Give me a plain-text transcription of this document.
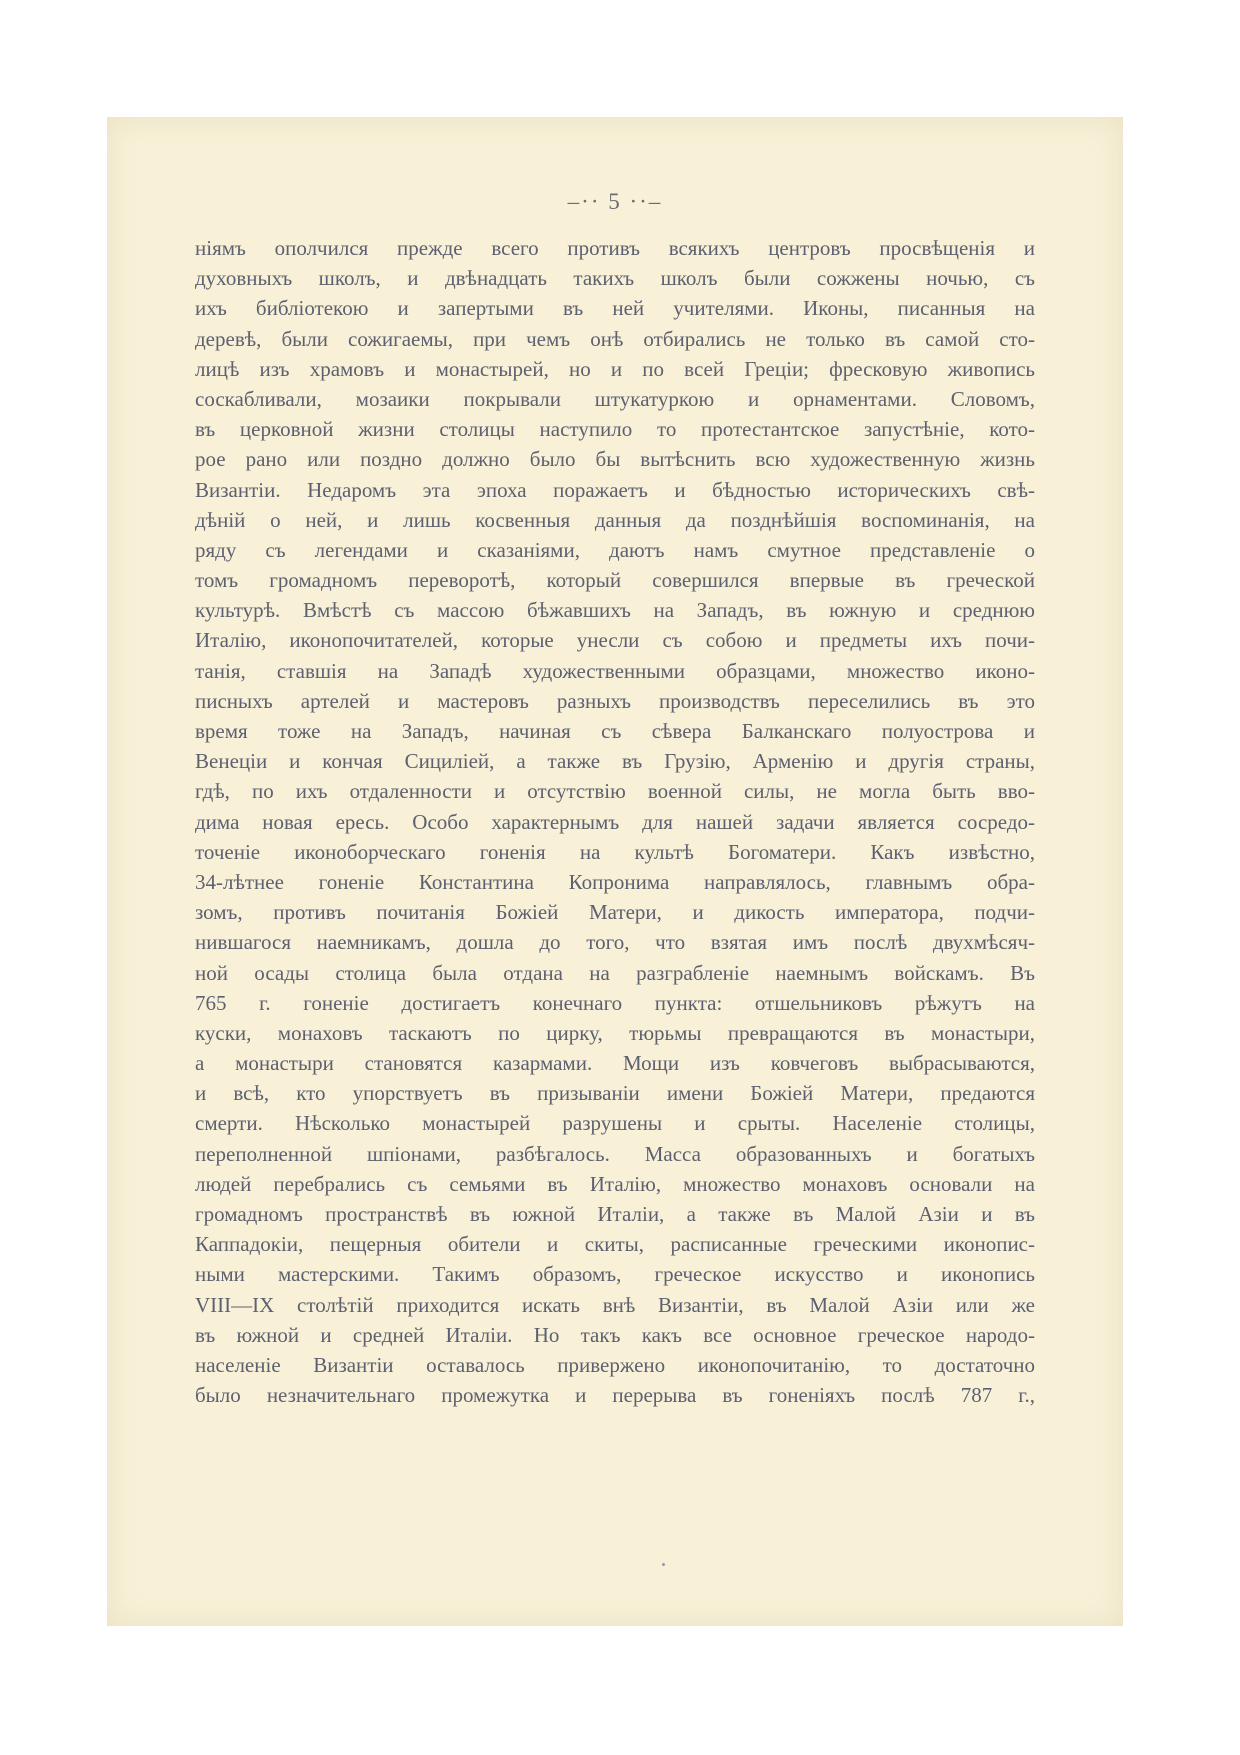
–·· 5 ··–
ніямъ ополчился прежде всего противъ всякихъ центровъ просвѣщенія и
духовныхъ школъ, и двѣнадцать такихъ школъ были сожжены ночью, съ
ихъ библіотекою и запертыми въ ней учителями. Иконы, писанныя на
деревѣ, были сожигаемы, при чемъ онѣ отбирались не только въ самой сто-
лицѣ изъ храмовъ и монастырей, но и по всей Греціи; фресковую живопись
соскабливали, мозаики покрывали штукатуркою и орнаментами. Словомъ,
въ церковной жизни столицы наступило то протестантское запустѣніе, кото-
рое рано или поздно должно было бы вытѣснить всю художественную жизнь
Византіи. Недаромъ эта эпоха поражаетъ и бѣдностью историческихъ свѣ-
дѣній о ней, и лишь косвенныя данныя да позднѣйшія воспоминанія, на
ряду съ легендами и сказаніями, даютъ намъ смутное представленіе о
томъ громадномъ переворотѣ, который совершился впервые въ греческой
культурѣ. Вмѣстѣ съ массою бѣжавшихъ на Западъ, въ южную и среднюю
Италію, иконопочитателей, которые унесли съ собою и предметы ихъ почи-
танія, ставшія на Западѣ художественными образцами, множество иконо-
писныхъ артелей и мастеровъ разныхъ производствъ переселились въ это
время тоже на Западъ, начиная съ сѣвера Балканскаго полуострова и
Венеціи и кончая Сициліей, а также въ Грузію, Арменію и другія страны,
гдѣ, по ихъ отдаленности и отсутствію военной силы, не могла быть вво-
дима новая ересь. Особо характернымъ для нашей задачи является сосредо-
точеніе иконоборческаго гоненія на культѣ Богоматери. Какъ извѣстно,
34-лѣтнее гоненіе Константина Копронима направлялось, главнымъ обра-
зомъ, противъ почитанія Божіей Матери, и дикость императора, подчи-
нившагося наемникамъ, дошла до того, что взятая имъ послѣ двухмѣсяч-
ной осады столица была отдана на разграбленіе наемнымъ войскамъ. Въ
765 г. гоненіе достигаетъ конечнаго пункта: отшельниковъ рѣжутъ на
куски, монаховъ таскаютъ по цирку, тюрьмы превращаются въ монастыри,
а монастыри становятся казармами. Мощи изъ ковчеговъ выбрасываются,
и всѣ, кто упорствуетъ въ призываніи имени Божіей Матери, предаются
смерти. Нѣсколько монастырей разрушены и срыты. Населеніе столицы,
переполненной шпіонами, разбѣгалось. Масса образованныхъ и богатыхъ
людей перебрались съ семьями въ Италію, множество монаховъ основали на
громадномъ пространствѣ въ южной Италіи, а также въ Малой Азіи и въ
Каппадокіи, пещерныя обители и скиты, расписанные греческими иконопис-
ными мастерскими. Такимъ образомъ, греческое искусство и иконопись
VIII—IX столѣтій приходится искать внѣ Византіи, въ Малой Азіи или же
въ южной и средней Италіи. Но такъ какъ все основное греческое народо-
населеніе Византіи оставалось привержено иконопочитанію, то достаточно
было незначительнаго промежутка и перерыва въ гоненіяхъ послѣ 787 г.,
